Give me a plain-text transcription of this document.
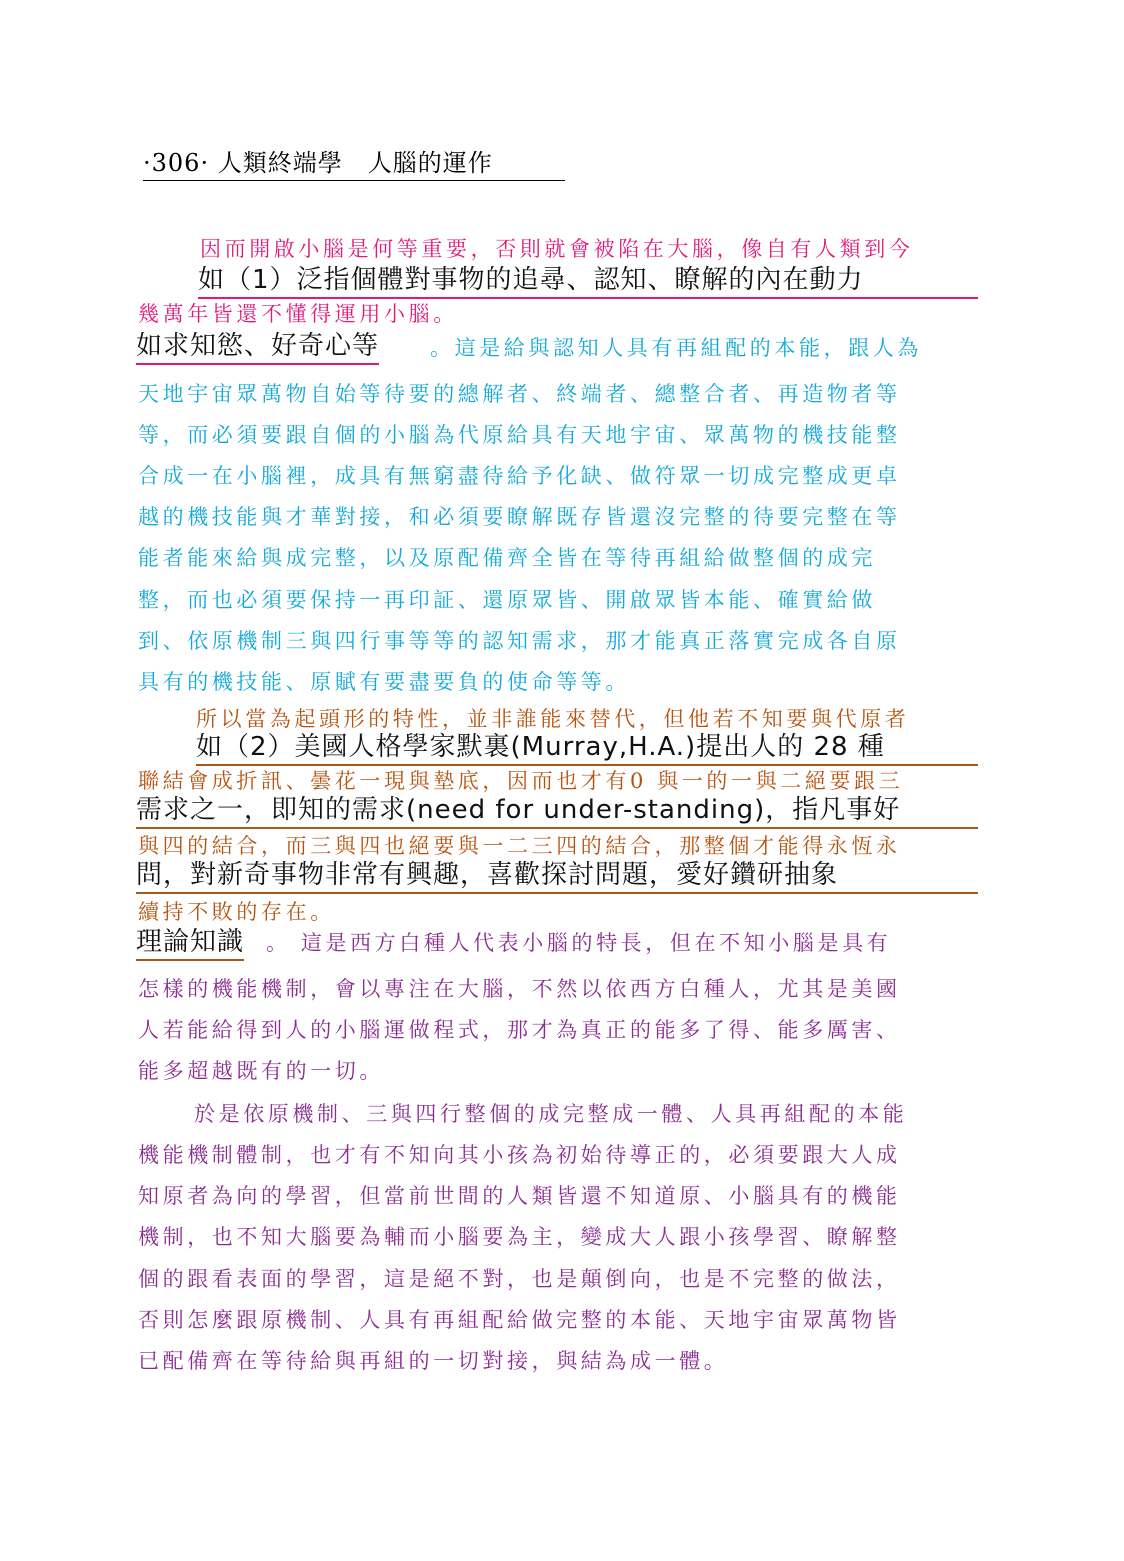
·306· 人類終端學　人腦的運作
因而開啟小腦是何等重要，否則就會被陷在大腦，像自有人類到今
如（1）泛指個體對事物的追尋、認知、瞭解的內在動力
幾萬年皆還不懂得運用小腦。
如求知慾、好奇心等 。這是給與認知人具有再組配的本能，跟人為
天地宇宙眾萬物自始等待要的總解者、終端者、總整合者、再造物者等
等，而必須要跟自個的小腦為代原給具有天地宇宙、眾萬物的機技能整
合成一在小腦裡，成具有無窮盡待給予化缺、做符眾一切成完整成更卓
越的機技能與才華對接，和必須要瞭解既存皆還沒完整的待要完整在等
能者能來給與成完整，以及原配備齊全皆在等待再組給做整個的成完
整，而也必須要保持一再印証、還原眾皆、開啟眾皆本能、確實給做
到、依原機制三與四行事等等的認知需求，那才能真正落實完成各自原
具有的機技能、原賦有要盡要負的使命等等。
所以當為起頭形的特性，並非誰能來替代，但他若不知要與代原者
如（2）美國人格學家默裏(Murray,H.A.)提出人的 28 種
聯結會成折訊、曇花一現與墊底，因而也才有0 與一的一與二絕要跟三
需求之一，即知的需求(need for under-standing)，指凡事好
與四的結合，而三與四也絕要與一二三四的結合，那整個才能得永恆永
問，對新奇事物非常有興趣，喜歡探討問題，愛好鑽研抽象
續持不敗的存在。
理論知識 。 這是西方白種人代表小腦的特長，但在不知小腦是具有
怎樣的機能機制，會以專注在大腦，不然以依西方白種人，尤其是美國
人若能給得到人的小腦運做程式，那才為真正的能多了得、能多厲害、
能多超越既有的一切。
於是依原機制、三與四行整個的成完整成一體、人具再組配的本能
機能機制體制，也才有不知向其小孩為初始待導正的，必須要跟大人成
知原者為向的學習，但當前世間的人類皆還不知道原、小腦具有的機能
機制，也不知大腦要為輔而小腦要為主，變成大人跟小孩學習、瞭解整
個的跟看表面的學習，這是絕不對，也是顛倒向，也是不完整的做法，
否則怎麼跟原機制、人具有再組配給做完整的本能、天地宇宙眾萬物皆
已配備齊在等待給與再組的一切對接，與結為成一體。
